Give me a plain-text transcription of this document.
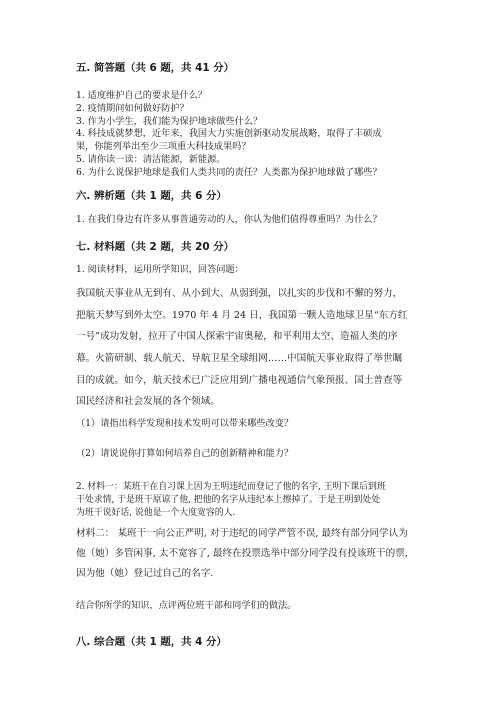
五. 简答题（共 6 题，共 41 分）
1. 适度维护自己的要求是什么？
2. 疫情期间如何做好防护？
3. 作为小学生，我们能为保护地球做些什么？
4. 科技成就梦想，近年来，我国大力实施创新驱动发展战略，取得了丰硕成
果，你能列举出至少三项重大科技成果吗？
5. 请你读一读：清洁能源，新能源。
6. 为什么说保护地球是我们人类共同的责任？人类都为保护地球做了哪些？
六. 辨析题（共 1 题，共 6 分）
1. 在我们身边有许多从事普通劳动的人，你认为他们值得尊重吗？为什么？
七. 材料题（共 2 题，共 20 分）
1. 阅读材料，运用所学知识，回答问题：
我国航天事业从无到有、从小到大、从弱到强，以扎实的步伐和不懈的努力，
把航天梦写到外太空。1970 年 4 月 24 日，我国第一颗人造地球卫星“东方红
一号”成功发射，拉开了中国人探索宇宙奥秘，和平利用太空、造福人类的序
幕。火箭研制、载人航天、导航卫星全球组网……中国航天事业取得了举世瞩
目的成就。如今，航天技术已广泛应用到广播电视通信气象预报、国土普查等
国民经济和社会发展的各个领域。
（1）请指出科学发现和技术发明可以带来哪些改变？
（2）请说说你打算如何培养自己的创新精神和能力？
2. 材料一：某班干在自习课上因为王明违纪而登记了他的名字, 王明下课后到班
干处求情, 于是班干原谅了他, 把他的名字从违纪本上擦掉了。于是王明到处处
为班干说好话, 说他是一个大度宽容的人.
材料二： 某班干一向公正严明, 对于违纪的同学严管不误, 最终有部分同学认为
他（她）多管闲事, 太不宽容了, 最终在投票选举中部分同学没有投该班干的票,
因为他（她）登记过自己的名字.
结合你所学的知识，点评两位班干部和同学们的做法。
八. 综合题（共 1 题，共 4 分）
